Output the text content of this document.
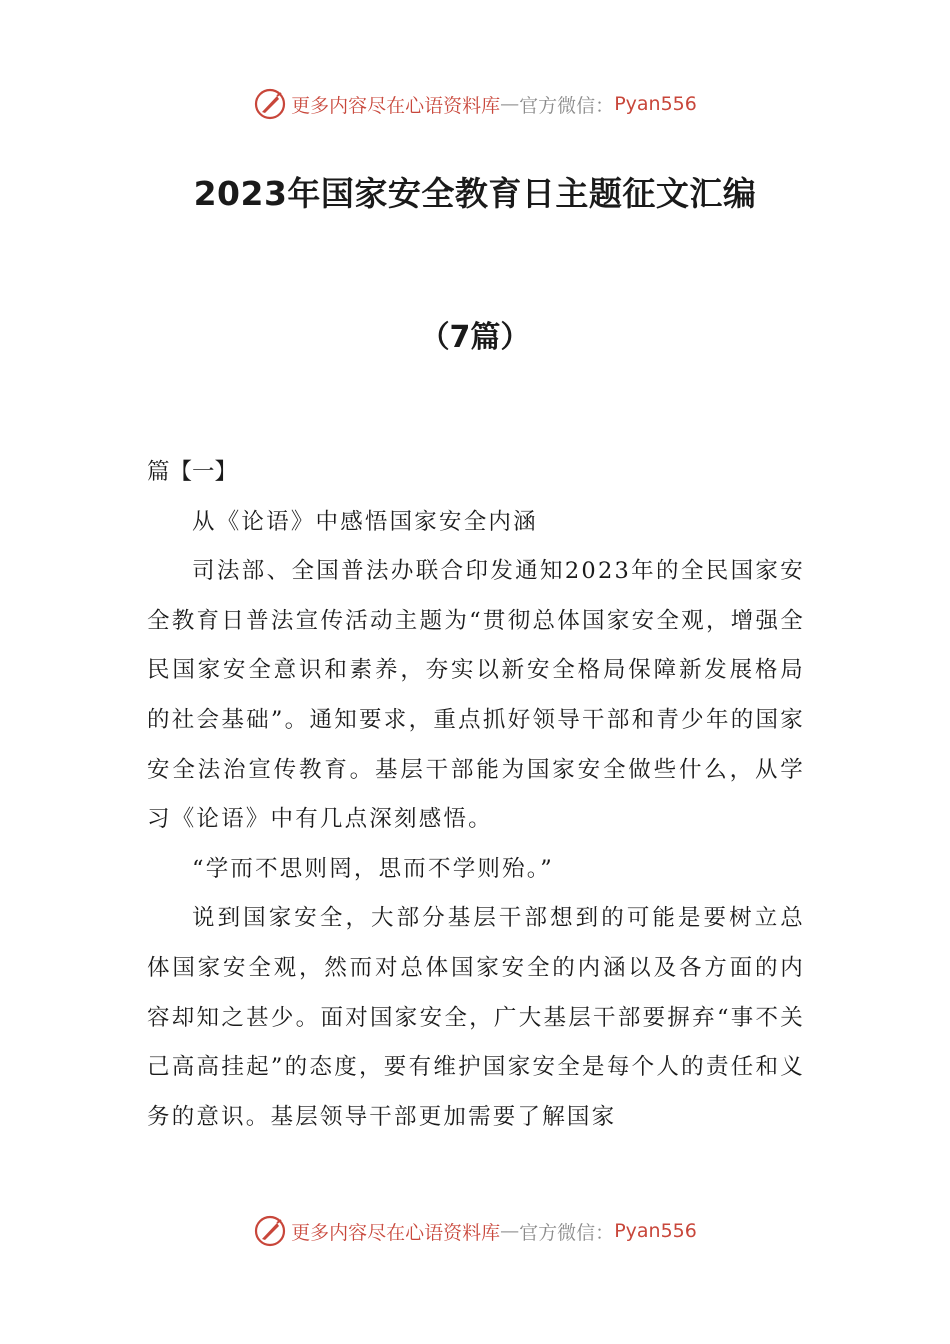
更多内容尽在心语资料库 — 官方微信： Pyan556
2023年国家安全教育日主题征文汇编
（7篇）

篇【一】

从《论语》中感悟国家安全内涵

司法部、全国普法办联合印发通知2023年的全民国家安全教育日普法宣传活动主题为“贯彻总体国家安全观，增强全民国家安全意识和素养，夯实以新安全格局保障新发展格局的社会基础”。通知要求，重点抓好领导干部和青少年的国家安全法治宣传教育。基层干部能为国家安全做些什么，从学习《论语》中有几点深刻感悟。

“学而不思则罔，思而不学则殆。”

说到国家安全，大部分基层干部想到的可能是要树立总体国家安全观，然而对总体国家安全的内涵以及各方面的内容却知之甚少。面对国家安全，广大基层干部要摒弃“事不关己高高挂起”的态度，要有维护国家安全是每个人的责任和义务的意识。基层领导干部更加需要了解国家

更多内容尽在心语资料库 — 官方微信： Pyan556
